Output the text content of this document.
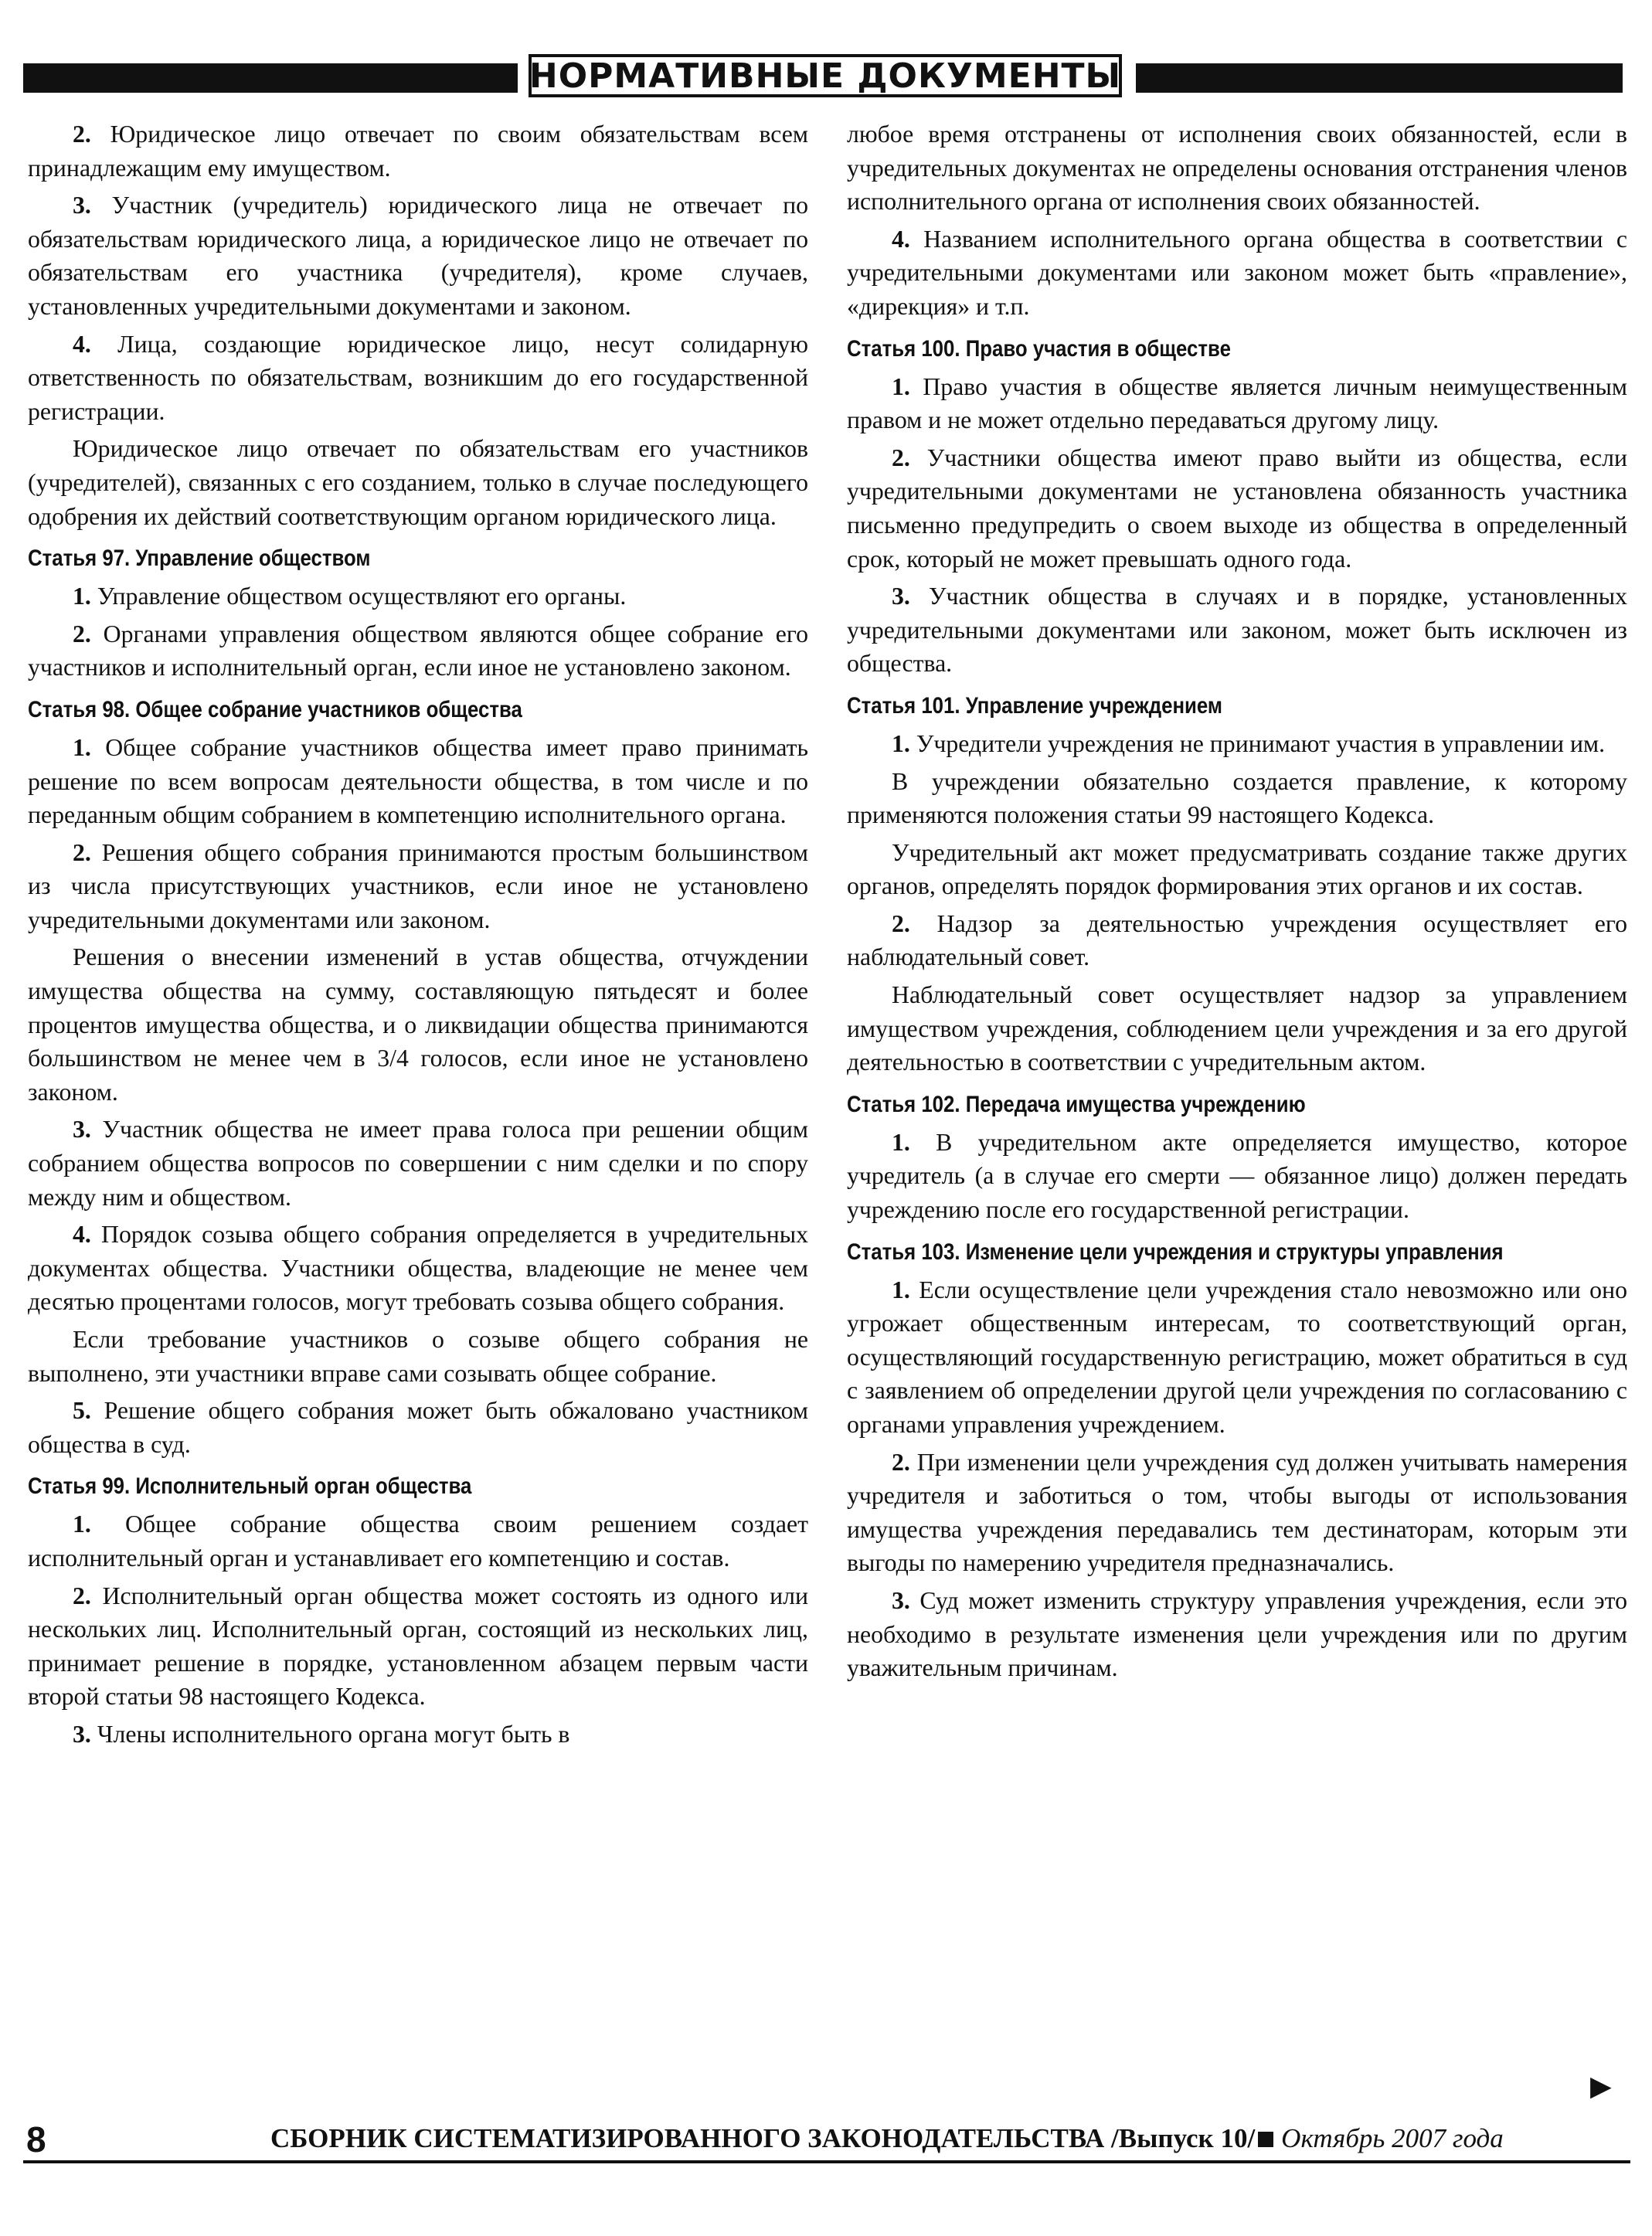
НОРМАТИВНЫЕ ДОКУМЕНТЫ

2. Юридическое лицо отвечает по своим обязательствам всем принадлежащим ему имуществом.

3. Участник (учредитель) юридического лица не отвечает по обязательствам юридического лица, а юридическое лицо не отвечает по обязательствам его участника (учредителя), кроме случаев, установленных учредительными документами и законом.

4. Лица, создающие юридическое лицо, несут солидарную ответственность по обязательствам, возникшим до его государственной регистрации.

Юридическое лицо отвечает по обязательствам его участников (учредителей), связанных с его созданием, только в случае последующего одобрения их действий соответствующим органом юридического лица.

Статья 97. Управление обществом

1. Управление обществом осуществляют его органы.

2. Органами управления обществом являются общее собрание его участников и исполнительный орган, если иное не установлено законом.

Статья 98. Общее собрание участников общества

1. Общее собрание участников общества имеет право принимать решение по всем вопросам деятельности общества, в том числе и по переданным общим собранием в компетенцию исполнительного органа.

2. Решения общего собрания принимаются простым большинством из числа присутствующих участников, если иное не установлено учредительными документами или законом.

Решения о внесении изменений в устав общества, отчуждении имущества общества на сумму, составляющую пятьдесят и более процентов имущества общества, и о ликвидации общества принимаются большинством не менее чем в 3/4 голосов, если иное не установлено законом.

3. Участник общества не имеет права голоса при решении общим собранием общества вопросов по совершении с ним сделки и по спору между ним и обществом.

4. Порядок созыва общего собрания определяется в учредительных документах общества. Участники общества, владеющие не менее чем десятью процентами голосов, могут требовать созыва общего собрания.

Если требование участников о созыве общего собрания не выполнено, эти участники вправе сами созывать общее собрание.

5. Решение общего собрания может быть обжаловано участником общества в суд.

Статья 99. Исполнительный орган общества

1. Общее собрание общества своим решением создает исполнительный орган и устанавливает его компетенцию и состав.

2. Исполнительный орган общества может состоять из одного или нескольких лиц. Исполнительный орган, состоящий из нескольких лиц, принимает решение в порядке, установленном абзацем первым части второй статьи 98 настоящего Кодекса.

3. Члены исполнительного органа могут быть в

любое время отстранены от исполнения своих обязанностей, если в учредительных документах не определены основания отстранения членов исполнительного органа от исполнения своих обязанностей.

4. Названием исполнительного органа общества в соответствии с учредительными документами или законом может быть «правление», «дирекция» и т.п.

Статья 100. Право участия в обществе

1. Право участия в обществе является личным неимущественным правом и не может отдельно передаваться другому лицу.

2. Участники общества имеют право выйти из общества, если учредительными документами не установлена обязанность участника письменно предупредить о своем выходе из общества в определенный срок, который не может превышать одного года.

3. Участник общества в случаях и в порядке, установленных учредительными документами или законом, может быть исключен из общества.

Статья 101. Управление учреждением

1. Учредители учреждения не принимают участия в управлении им.

В учреждении обязательно создается правление, к которому применяются положения статьи 99 настоящего Кодекса.

Учредительный акт может предусматривать создание также других органов, определять порядок формирования этих органов и их состав.

2. Надзор за деятельностью учреждения осуществляет его наблюдательный совет.

Наблюдательный совет осуществляет надзор за управлением имуществом учреждения, соблюдением цели учреждения и за его другой деятельностью в соответствии с учредительным актом.

Статья 102. Передача имущества учреждению

1. В учредительном акте определяется имущество, которое учредитель (а в случае его смерти — обязанное лицо) должен передать учреждению после его государственной регистрации.

Статья 103. Изменение цели учреждения и структуры управления

1. Если осуществление цели учреждения стало невозможно или оно угрожает общественным интересам, то соответствующий орган, осуществляющий государственную регистрацию, может обратиться в суд с заявлением об определении другой цели учреждения по согласованию с органами управления учреждением.

2. При изменении цели учреждения суд должен учитывать намерения учредителя и заботиться о том, чтобы выгоды от использования имущества учреждения передавались тем дестинаторам, которым эти выгоды по намерению учредителя предназначались.

3. Суд может изменить структуру управления учреждения, если это необходимо в результате изменения цели учреждения или по другим уважительным причинам.

▶
8	СБОРНИК СИСТЕМАТИЗИРОВАННОГО ЗАКОНОДАТЕЛЬСТВА /Выпуск 10/ Октябрь 2007 года
